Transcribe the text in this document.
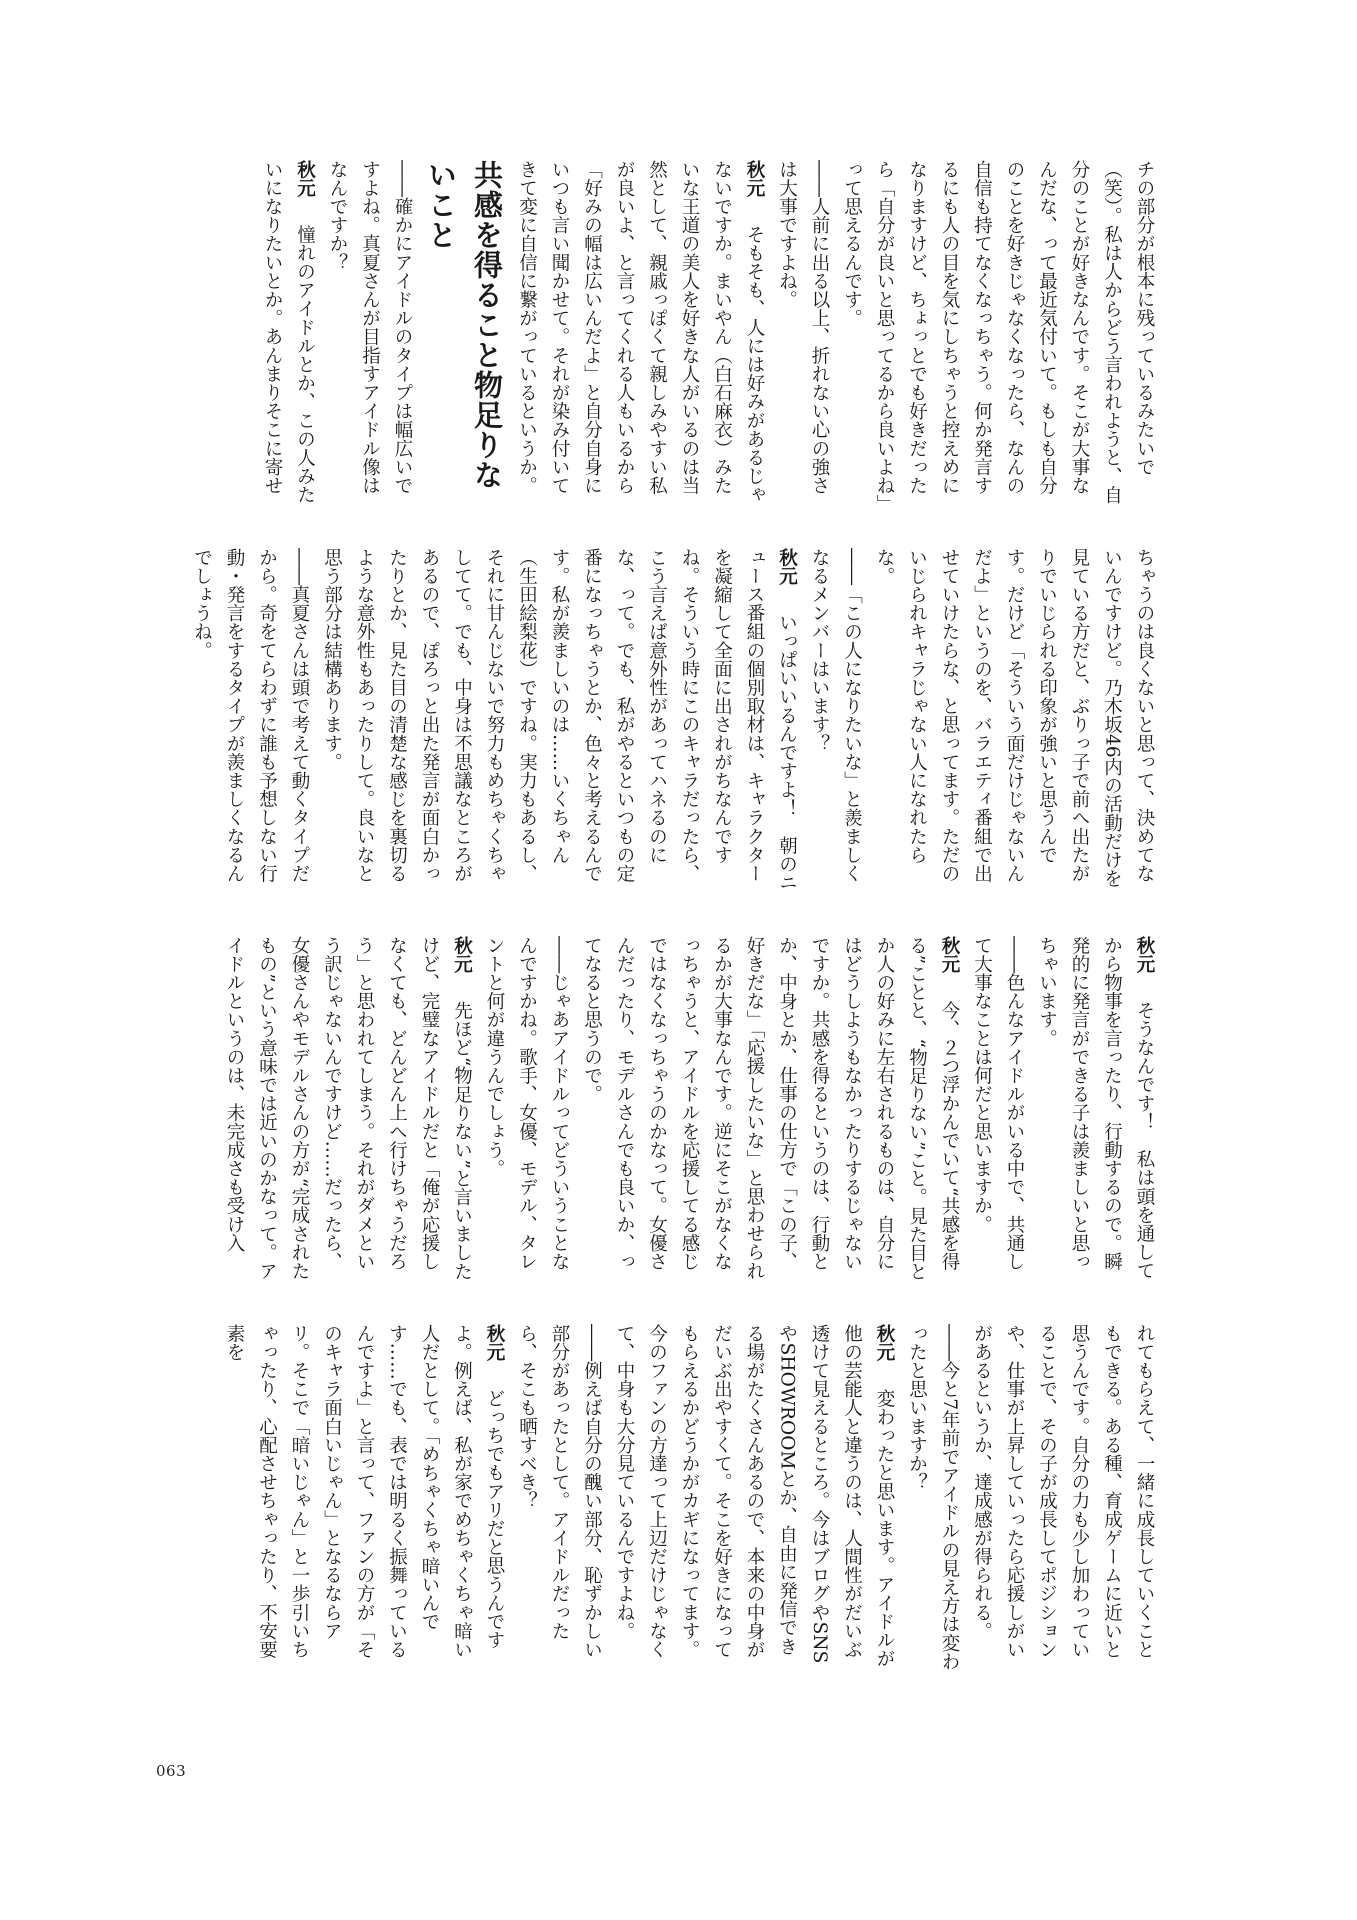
チの部分が根本に残っているみたいで（笑）。私は人からどう言われようと、自分のことが好きなんです。そこが大事なんだな、って最近気付いて。もしも自分のことを好きじゃなくなったら、なんの自信も持てなくなっちゃう。何か発言するにも人の目を気にしちゃうと控えめになりますけど、ちょっとでも好きだったら「自分が良いと思ってるから良いよね」って思えるんです。

――人前に出る以上、折れない心の強さは大事ですよね。

秋元　そもそも、人には好みがあるじゃないですか。まいやん（白石麻衣）みたいな王道の美人を好きな人がいるのは当然として、親戚っぽくて親しみやすい私が良いよ、と言ってくれる人もいるから「好みの幅は広いんだよ」と自分自身にいつも言い聞かせて。それが染み付いてきて変に自信に繋がっているというか。

共感を得ること物足りないこと

――確かにアイドルのタイプは幅広いですよね。真夏さんが目指すアイドル像はなんですか？

秋元　憧れのアイドルとか、この人みたいになりたいとか。あんまりそこに寄せ

ちゃうのは良くないと思って、決めてないんですけど。乃木坂46内の活動だけを見ている方だと、ぶりっ子で前へ出たがりでいじられる印象が強いと思うんです。だけど「そういう面だけじゃないんだよ」というのを、バラエティ番組で出せていけたらな、と思ってます。ただのいじられキャラじゃない人になれたらな。

――「この人になりたいな」と羨ましくなるメンバーはいます？

秋元　いっぱいいるんですよ！　朝のニュース番組の個別取材は、キャラクターを凝縮して全面に出されがちなんですね。そういう時にこのキャラだったら、こう言えば意外性があってハネるのにな、って。でも、私がやるといつもの定番になっちゃうとか、色々と考えるんです。私が羨ましいのは……いくちゃん（生田絵梨花）ですね。実力もあるし、それに甘んじないで努力もめちゃくちゃしてて。でも、中身は不思議なところがあるので、ぽろっと出た発言が面白かったりとか、見た目の清楚な感じを裏切るような意外性もあったりして。良いなと思う部分は結構あります。

――真夏さんは頭で考えて動くタイプだから。奇をてらわずに誰も予想しない行動・発言をするタイプが羨ましくなるんでしょうね。

秋元　そうなんです！　私は頭を通してから物事を言ったり、行動するので。瞬発的に発言ができる子は羨ましいと思っちゃいます。

――色んなアイドルがいる中で、共通して大事なことは何だと思いますか。

秋元　今、２つ浮かんでいて“共感を得る”ことと、“物足りない”こと。見た目とか人の好みに左右されるものは、自分にはどうしようもなかったりするじゃないですか。共感を得るというのは、行動とか、中身とか、仕事の仕方で「この子、好きだな」「応援したいな」と思わせられるかが大事なんです。逆にそこがなくなっちゃうと、アイドルを応援してる感じではなくなっちゃうのかなって。女優さんだったり、モデルさんでも良いか、ってなると思うので。

――じゃあアイドルってどういうことなんですかね。歌手、女優、モデル、タレントと何が違うんでしょう。

秋元　先ほど“物足りない”と言いましたけど、完璧なアイドルだと「俺が応援しなくても、どんどん上へ行けちゃうだろう」と思われてしまう。それがダメという訳じゃないんですけど……だったら、女優さんやモデルさんの方が“完成されたもの”という意味では近いのかなって。アイドルというのは、未完成さも受け入

れてもらえて、一緒に成長していくこともできる。ある種、育成ゲームに近いと思うんです。自分の力も少し加わっていることで、その子が成長してポジションや、仕事が上昇していったら応援しがいがあるというか、達成感が得られる。

――今と7年前でアイドルの見え方は変わったと思いますか？

秋元　変わったと思います。アイドルが他の芸能人と違うのは、人間性がだいぶ透けて見えるところ。今はブログやSNSやSHOWROOMとか、自由に発信できる場がたくさんあるので、本来の中身がだいぶ出やすくて。そこを好きになってもらえるかどうかがカギになってます。今のファンの方達って上辺だけじゃなくて、中身も大分見ているんですよね。

――例えば自分の醜い部分、恥ずかしい部分があったとして。アイドルだったら、そこも晒すべき？

秋元　どっちでもアリだと思うんですよ。例えば、私が家でめちゃくちゃ暗い人だとして。「めちゃくちゃ暗いんです……でも、表では明るく振舞っているんですよ」と言って、ファンの方が「そのキャラ面白いじゃん」となるならアリ。そこで「暗いじゃん」と一歩引いちゃったり、心配させちゃったり、不安要素を

063
